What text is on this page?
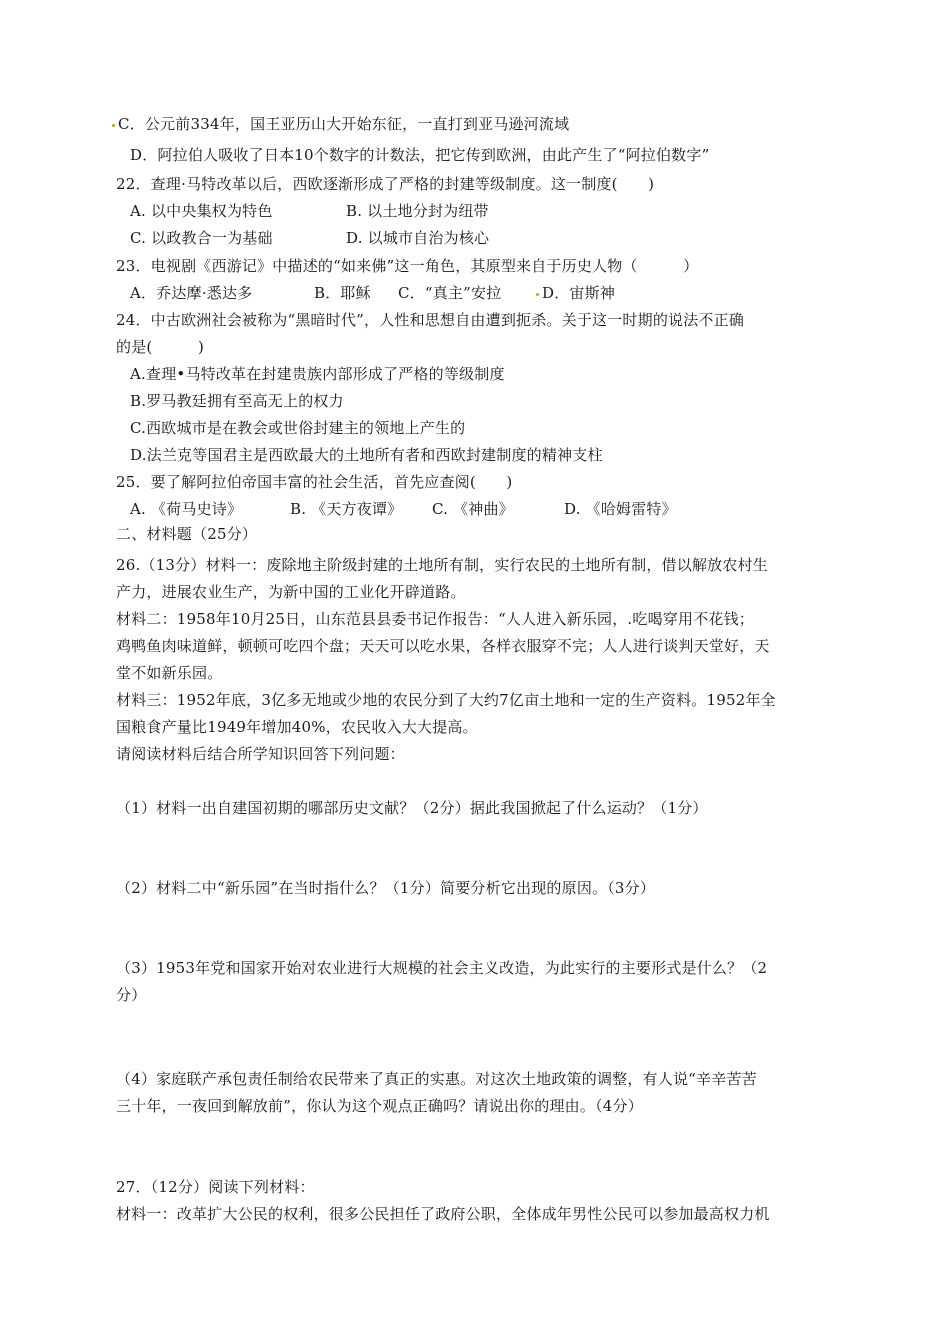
C．公元前334年，国王亚历山大开始东征，一直打到亚马逊河流域
D．阿拉伯人吸收了日本10个数字的计数法，把它传到欧洲，由此产生了“阿拉伯数字”
22．查理·马特改革以后，西欧逐渐形成了严格的封建等级制度。这一制度(　　)
A. 以中央集权为特色	B. 以土地分封为纽带
C. 以政教合一为基础	D. 以城市自治为核心
23．电视剧《西游记》中描述的“如来佛”这一角色，其原型来自于历史人物（　　　）
A．乔达摩·悉达多	B．耶稣 C．“真主”安拉	D．宙斯神
24．中古欧洲社会被称为“黑暗时代”，人性和思想自由遭到扼杀。关于这一时期的说法不正确
的是(　　　)
A.查理•马特改革在封建贵族内部形成了严格的等级制度
B.罗马教廷拥有至高无上的权力
C.西欧城市是在教会或世俗封建主的领地上产生的
D.法兰克等国君主是西欧最大的土地所有者和西欧封建制度的精神支柱
25．要了解阿拉伯帝国丰富的社会生活，首先应查阅(　　)
A. 《荷马史诗》	B. 《天方夜谭》 C. 《神曲》	D. 《哈姆雷特》
二、材料题（25分）
26.（13分）材料一：废除地主阶级封建的土地所有制，实行农民的土地所有制，借以解放农村生
产力，进展农业生产，为新中国的工业化开辟道路。
材料二：1958年10月25日，山东范县县委书记作报告：“人人进入新乐园，.吃喝穿用不花钱；
鸡鸭鱼肉味道鲜，顿顿可吃四个盘；天天可以吃水果，各样衣服穿不完；人人进行谈判天堂好，天
堂不如新乐园。
材料三：1952年底，3亿多无地或少地的农民分到了大约7亿亩土地和一定的生产资料。1952年全
国粮食产量比1949年增加40%，农民收入大大提高。
请阅读材料后结合所学知识回答下列问题：
（1）材料一出自建国初期的哪部历史文献？（2分）据此我国掀起了什么运动？（1分）
（2）材料二中“新乐园”在当时指什么？（1分）简要分析它出现的原因。（3分）
（3）1953年党和国家开始对农业进行大规模的社会主义改造，为此实行的主要形式是什么？（2
分）
（4）家庭联产承包责任制给农民带来了真正的实惠。对这次土地政策的调整，有人说“辛辛苦苦
三十年，一夜回到解放前”，你认为这个观点正确吗？请说出你的理由。（4分）
27．（12分）阅读下列材料：
材料一：改革扩大公民的权利，很多公民担任了政府公职，全体成年男性公民可以参加最高权力机
